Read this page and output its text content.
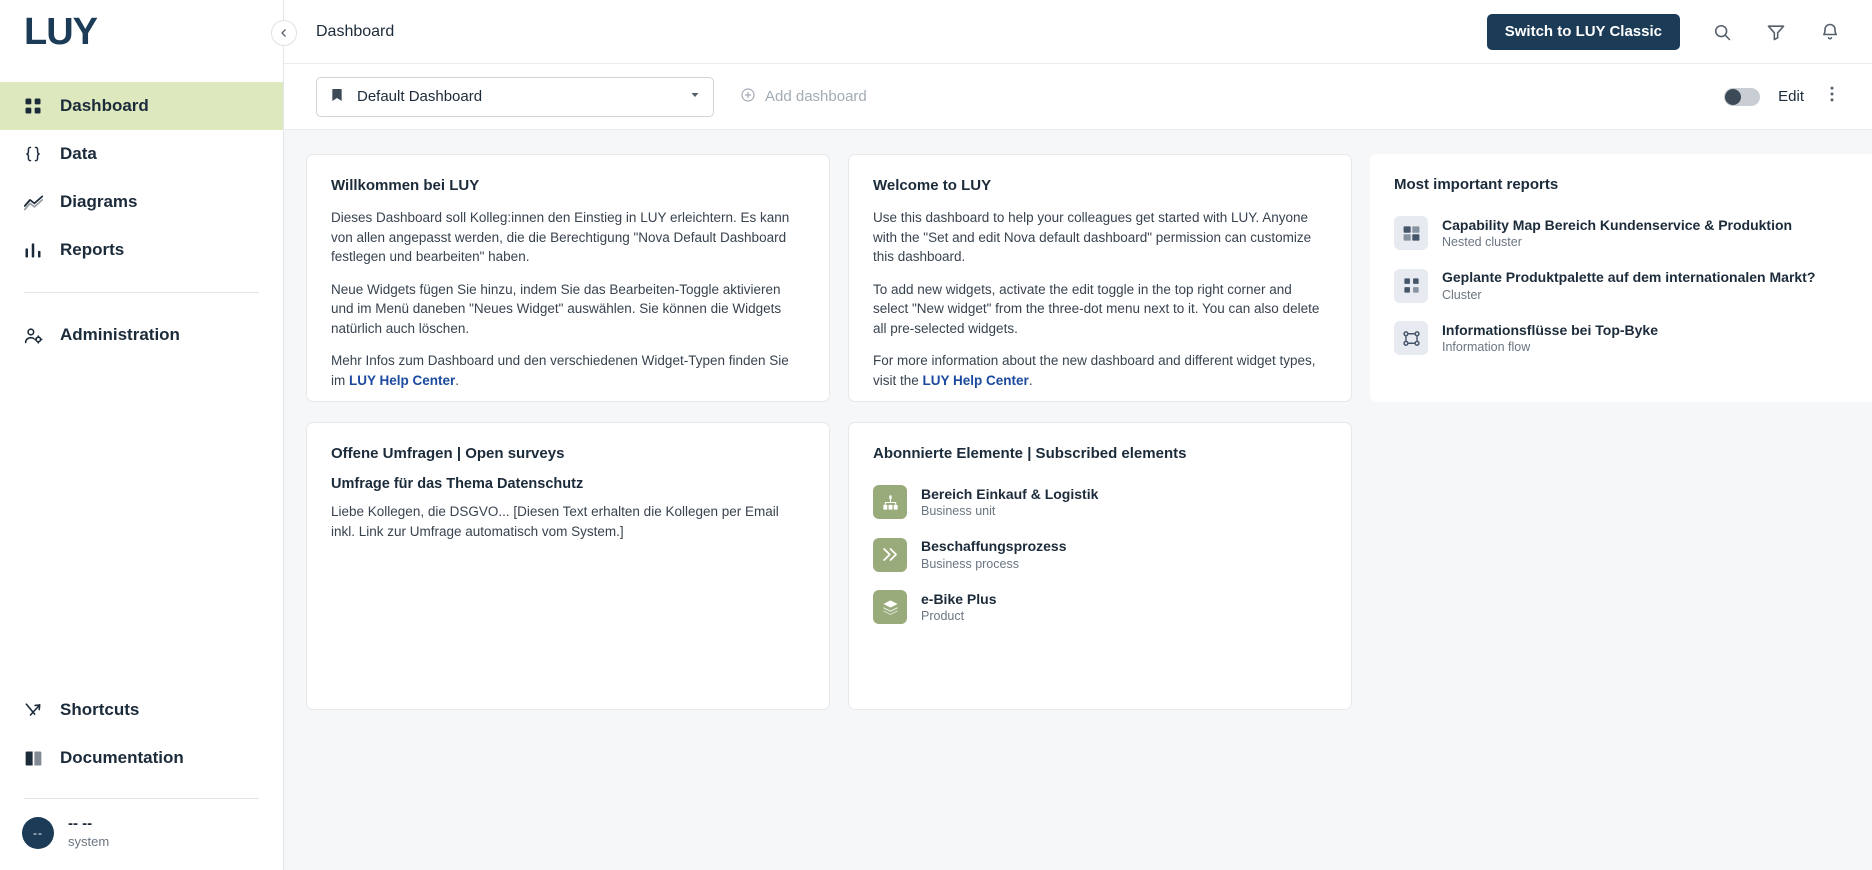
LUY
Dashboard
Data
Diagrams
Reports
Administration
Shortcuts
Documentation
--
-- --
system
Dashboard	Switch to LUY Classic
Default Dashboard	Add dashboard	Edit
Willkommen bei LUY

Dieses Dashboard soll Kolleg:innen den Einstieg in LUY erleichtern. Es kann von allen angepasst werden, die die Berechtigung "Nova Default Dashboard festlegen und bearbeiten" haben.

Neue Widgets fügen Sie hinzu, indem Sie das Bearbeiten-Toggle aktivieren und im Menü daneben "Neues Widget" auswählen. Sie können die Widgets natürlich auch löschen.

Mehr Infos zum Dashboard und den verschiedenen Widget-Typen finden Sie im LUY Help Center.

Welcome to LUY

Use this dashboard to help your colleagues get started with LUY. Anyone with the "Set and edit Nova default dashboard" permission can customize this dashboard.

To add new widgets, activate the edit toggle in the top right corner and select "New widget" from the three-dot menu next to it. You can also delete all pre-selected widgets.

For more information about the new dashboard and different widget types, visit the LUY Help Center.

Most important reports
Capability Map Bereich Kundenservice & Produktion
Nested cluster
Geplante Produktpalette auf dem internationalen Markt?
Cluster
Informationsflüsse bei Top-Byke
Information flow
Offene Umfragen | Open surveys
Umfrage für das Thema Datenschutz
Liebe Kollegen, die DSGVO... [Diesen Text erhalten die Kollegen per Email inkl. Link zur Umfrage automatisch vom System.]
Abonnierte Elemente | Subscribed elements
Bereich Einkauf & Logistik
Business unit
Beschaffungsprozess
Business process
e-Bike Plus
Product
